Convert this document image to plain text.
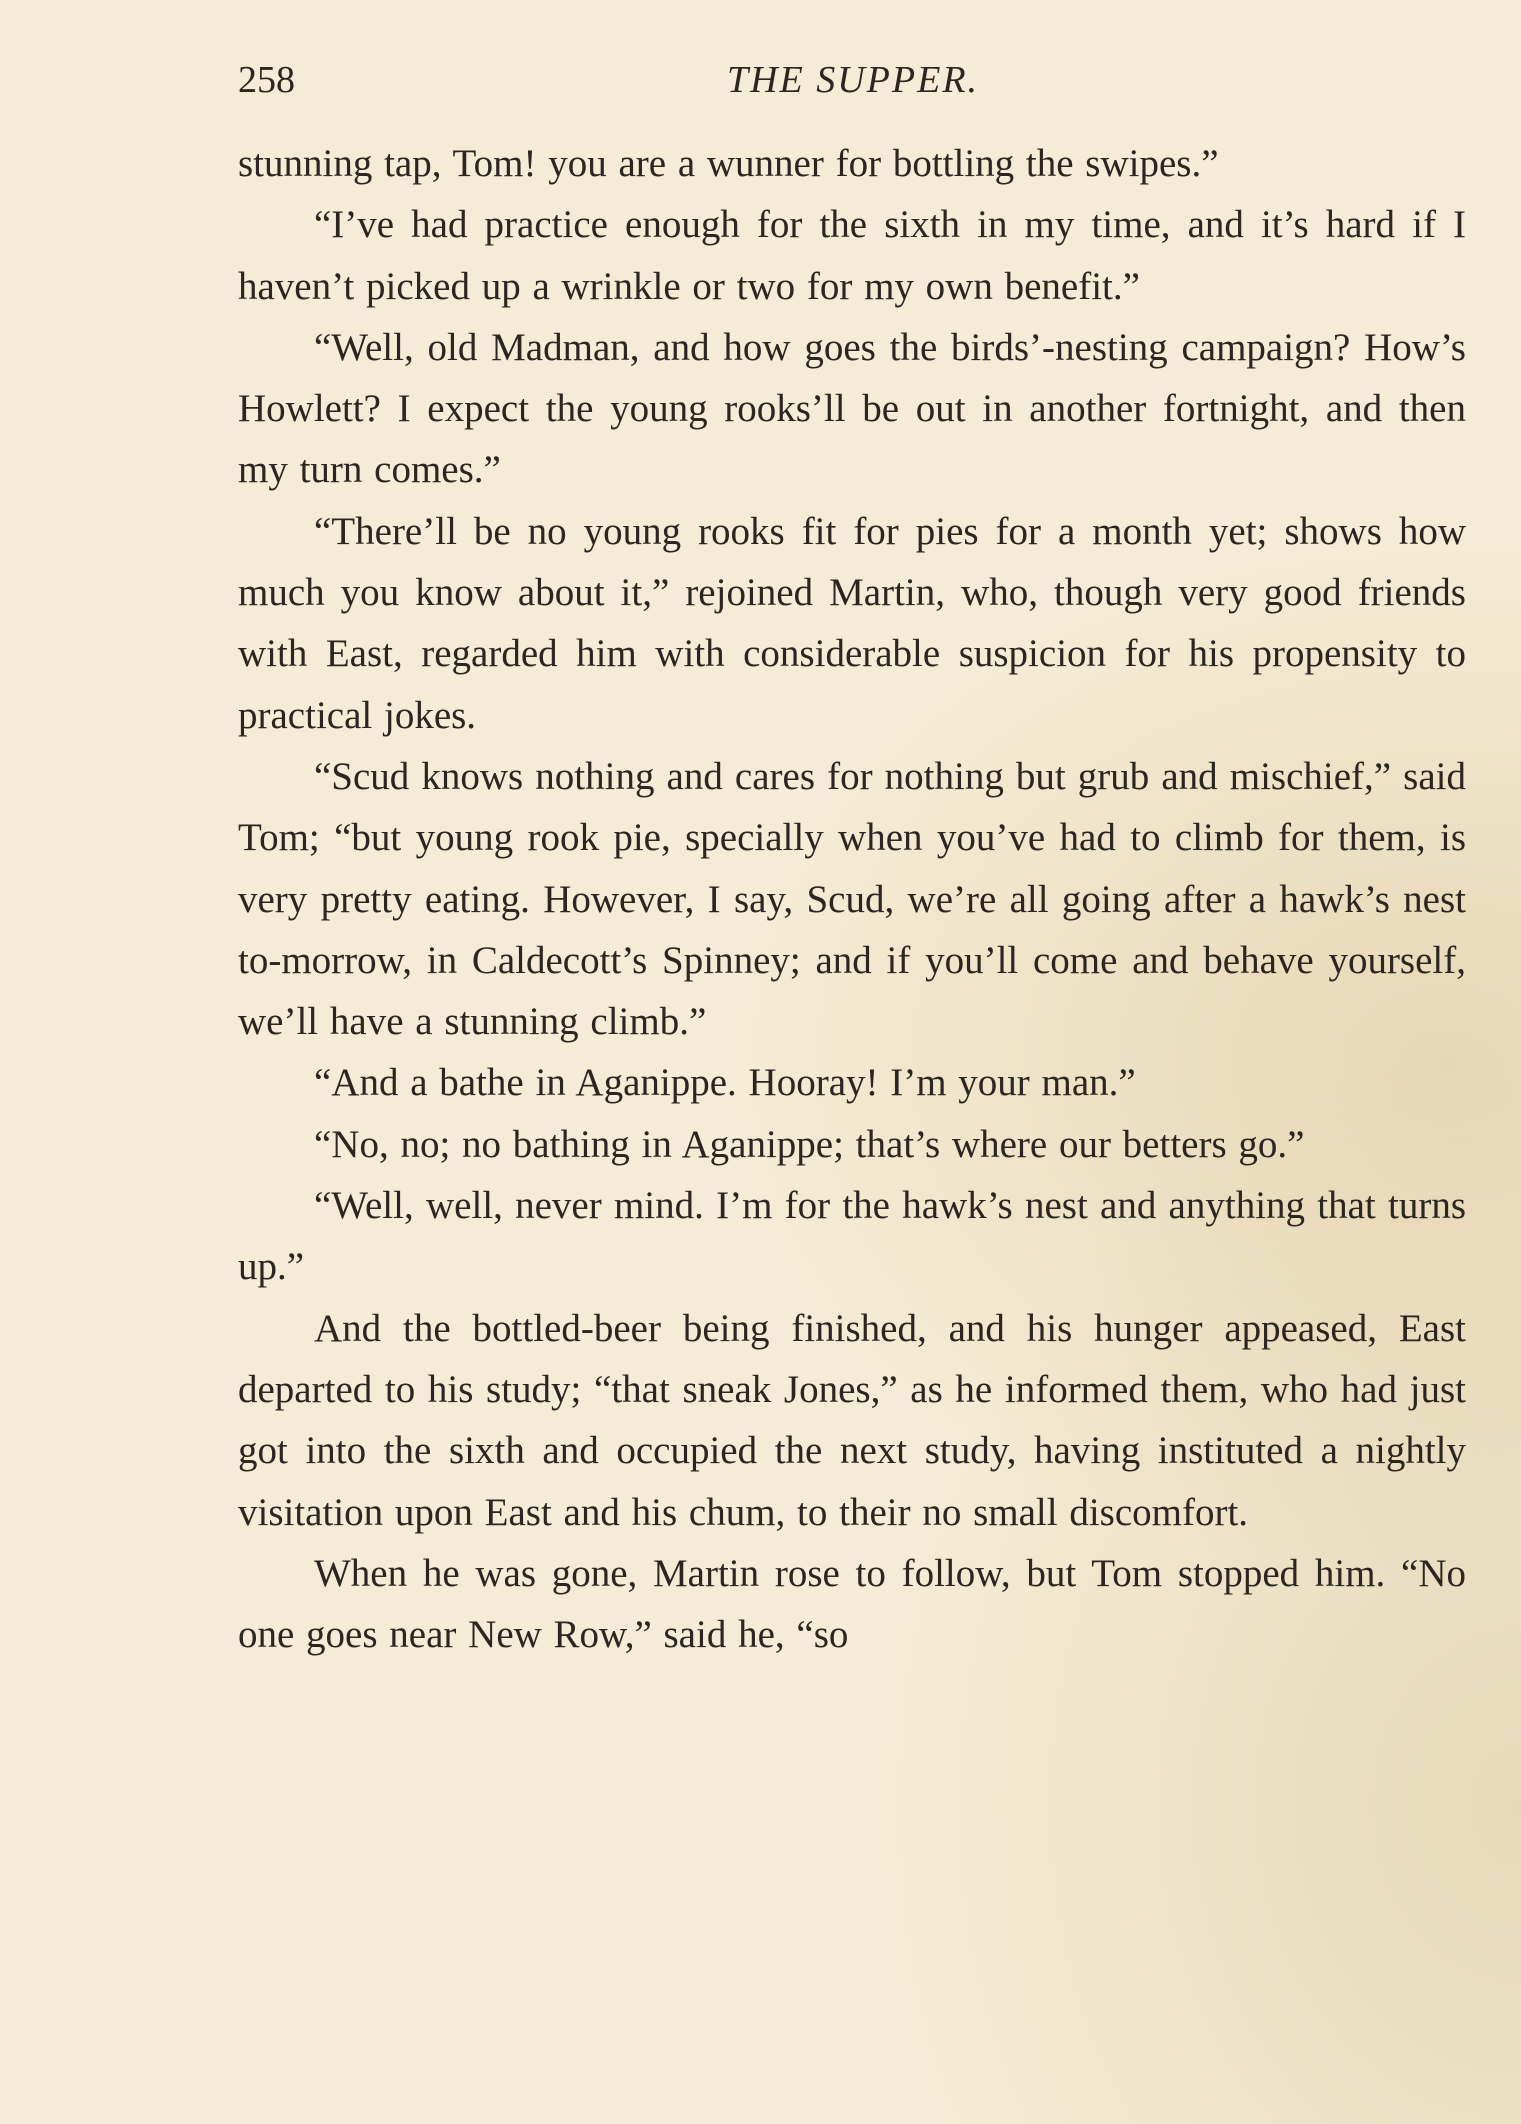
258	THE SUPPER.

stunning tap, Tom! you are a wunner for bottling the swipes.”

“I’ve had practice enough for the sixth in my time, and it’s hard if I haven’t picked up a wrinkle or two for my own benefit.”

“Well, old Madman, and how goes the birds’-nesting campaign? How’s Howlett? I expect the young rooks’ll be out in another fortnight, and then my turn comes.”

“There’ll be no young rooks fit for pies for a month yet; shows how much you know about it,” rejoined Martin, who, though very good friends with East, regarded him with considerable suspicion for his propensity to practical jokes.

“Scud knows nothing and cares for nothing but grub and mischief,” said Tom; “but young rook pie, specially when you’ve had to climb for them, is very pretty eating. However, I say, Scud, we’re all going after a hawk’s nest to-morrow, in Caldecott’s Spinney; and if you’ll come and behave yourself, we’ll have a stunning climb.”

“And a bathe in Aganippe. Hooray! I’m your man.”

“No, no; no bathing in Aganippe; that’s where our betters go.”

“Well, well, never mind. I’m for the hawk’s nest and anything that turns up.”

And the bottled-beer being finished, and his hunger appeased, East departed to his study; “that sneak Jones,” as he informed them, who had just got into the sixth and occupied the next study, having instituted a nightly visitation upon East and his chum, to their no small discomfort.

When he was gone, Martin rose to follow, but Tom stopped him. “No one goes near New Row,” said he, “so
